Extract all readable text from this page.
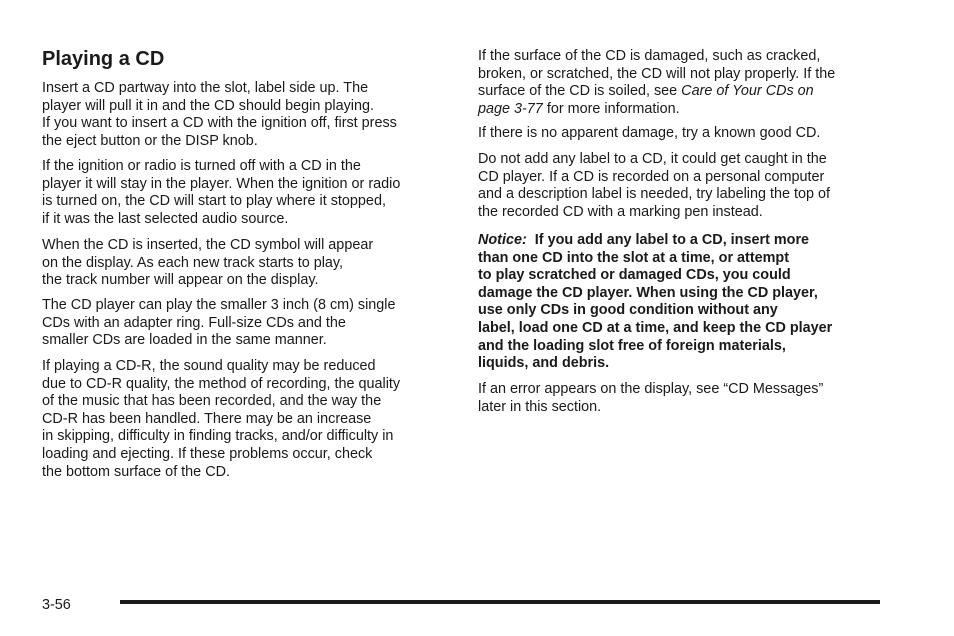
Playing a CD

Insert a CD partway into the slot, label side up. The
player will pull it in and the CD should begin playing.
If you want to insert a CD with the ignition off, first press
the eject button or the DISP knob.

If the ignition or radio is turned off with a CD in the
player it will stay in the player. When the ignition or radio
is turned on, the CD will start to play where it stopped,
if it was the last selected audio source.

When the CD is inserted, the CD symbol will appear
on the display. As each new track starts to play,
the track number will appear on the display.

The CD player can play the smaller 3 inch (8 cm) single
CDs with an adapter ring. Full-size CDs and the
smaller CDs are loaded in the same manner.

If playing a CD-R, the sound quality may be reduced
due to CD-R quality, the method of recording, the quality
of the music that has been recorded, and the way the
CD-R has been handled. There may be an increase
in skipping, difficulty in finding tracks, and/or difficulty in
loading and ejecting. If these problems occur, check
the bottom surface of the CD.

If the surface of the CD is damaged, such as cracked,
broken, or scratched, the CD will not play properly. If the
surface of the CD is soiled, see Care of Your CDs on
page 3-77 for more information.

If there is no apparent damage, try a known good CD.

Do not add any label to a CD, it could get caught in the
CD player. If a CD is recorded on a personal computer
and a description label is needed, try labeling the top of
the recorded CD with a marking pen instead.

Notice: If you add any label to a CD, insert more
than one CD into the slot at a time, or attempt
to play scratched or damaged CDs, you could
damage the CD player. When using the CD player,
use only CDs in good condition without any
label, load one CD at a time, and keep the CD player
and the loading slot free of foreign materials,
liquids, and debris.

If an error appears on the display, see “CD Messages”
later in this section.

3-56
